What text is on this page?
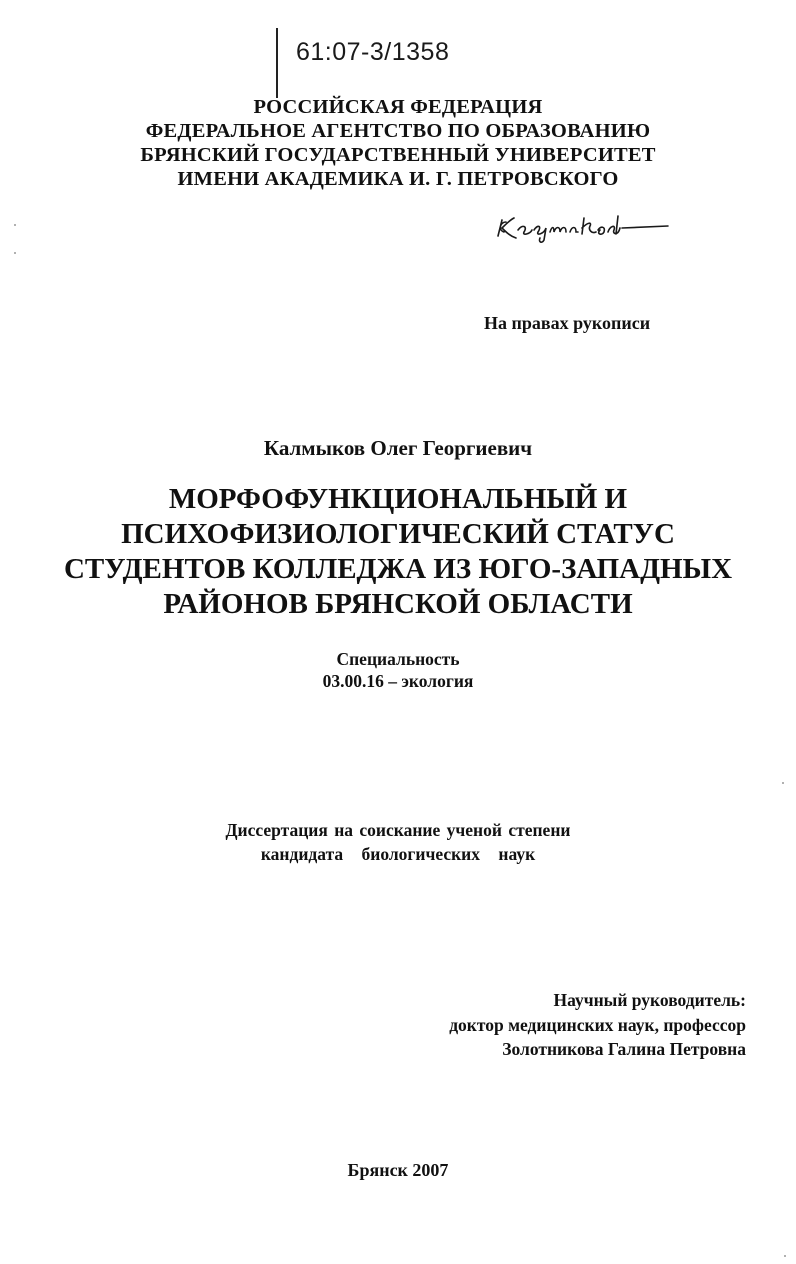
61:07-3/1358
РОССИЙСКАЯ ФЕДЕРАЦИЯ
ФЕДЕРАЛЬНОЕ АГЕНТСТВО ПО ОБРАЗОВАНИЮ
БРЯНСКИЙ ГОСУДАРСТВЕННЫЙ УНИВЕРСИТЕТ
ИМЕНИ АКАДЕМИКА И. Г. ПЕТРОВСКОГО
На правах рукописи
Калмыков Олег Георгиевич
МОРФОФУНКЦИОНАЛЬНЫЙ И
ПСИХОФИЗИОЛОГИЧЕСКИЙ СТАТУС
СТУДЕНТОВ КОЛЛЕДЖА ИЗ ЮГО-ЗАПАДНЫХ
РАЙОНОВ БРЯНСКОЙ ОБЛАСТИ
Специальность
03.00.16 – экология
Диссертация на соискание ученой степени
кандидата биологических наук
Научный руководитель:
доктор медицинских наук, профессор
Золотникова Галина Петровна
Брянск 2007
